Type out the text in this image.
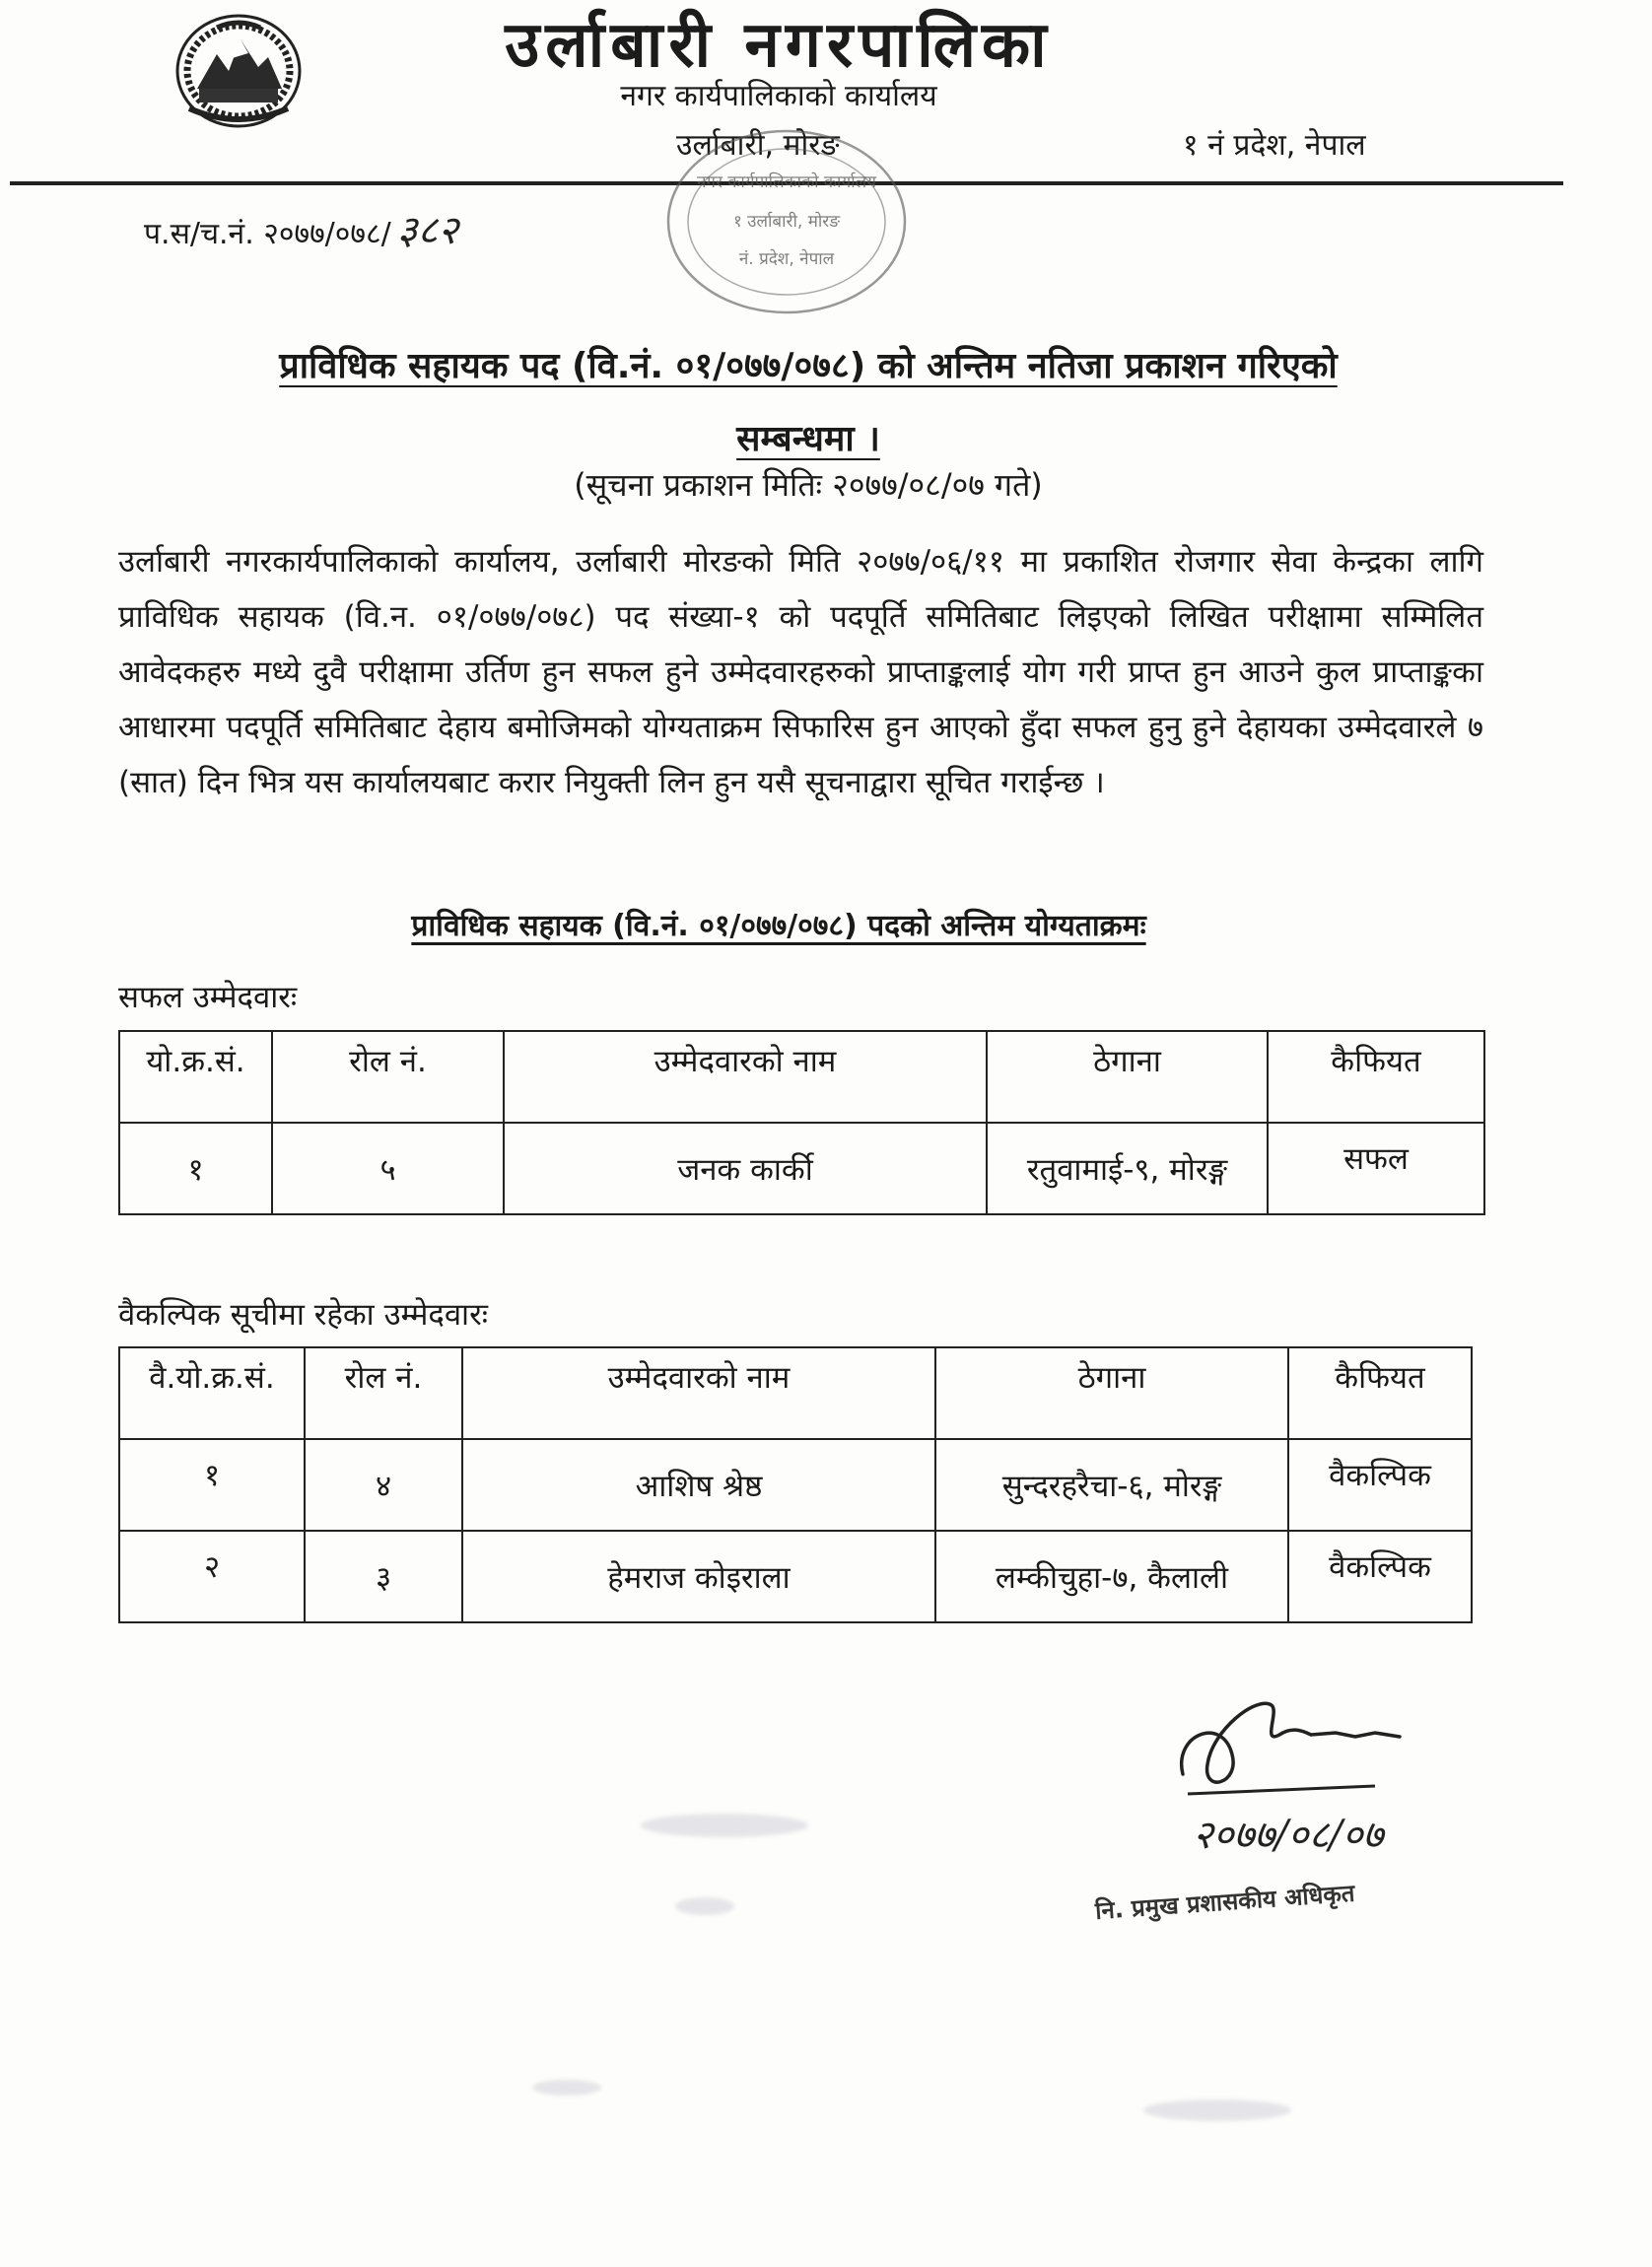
उर्लाबारी नगरपालिका
नगर कार्यपालिकाको कार्यालय
उर्लाबारी, मोरङ	१ नं प्रदेश, नेपाल
नगर कार्यपालिकाको कार्यालय
१ उर्लाबारी, मोरङ
नं. प्रदेश, नेपाल
प.स/च.नं. २०७७/०७८/ ३८२
प्राविधिक सहायक पद (वि.नं. ०१/०७७/०७८) को अन्तिम नतिजा प्रकाशन गरिएको
सम्बन्धमा ।
(सूचना प्रकाशन मितिः २०७७/०८/०७ गते)
उर्लाबारी नगरकार्यपालिकाको कार्यालय, उर्लाबारी मोरङको मिति २०७७/०६/११ मा प्रकाशित रोजगार सेवा केन्द्रका लागि प्राविधिक सहायक (वि.न. ०१/०७७/०७८) पद संख्या-१ को पदपूर्ति समितिबाट लिइएको लिखित परीक्षामा सम्मिलित आवेदकहरु मध्ये दुवै परीक्षामा उर्तिण हुन सफल हुने उम्मेदवारहरुको प्राप्ताङ्कलाई योग गरी प्राप्त हुन आउने कुल प्राप्ताङ्कका आधारमा पदपूर्ति समितिबाट देहाय बमोजिमको योग्यताक्रम सिफारिस हुन आएको हुँदा सफल हुनु हुने देहायका उम्मेदवारले ७ (सात) दिन भित्र यस कार्यालयबाट करार नियुक्ती लिन हुन यसै सूचनाद्वारा सूचित गराईन्छ ।
प्राविधिक सहायक (वि.नं. ०१/०७७/०७८) पदको अन्तिम योग्यताक्रमः
सफल उम्मेदवारः
यो.क्र.सं.	रोल नं.	उम्मेदवारको नाम	ठेगाना	कैफियत
१	५	जनक कार्की	रतुवामाई-९, मोरङ्ग	सफल
वैकल्पिक सूचीमा रहेका उम्मेदवारः
वै.यो.क्र.सं.	रोल नं.	उम्मेदवारको नाम	ठेगाना	कैफियत
१	४	आशिष श्रेष्ठ	सुन्दरहरैचा-६, मोरङ्ग	वैकल्पिक
२	३	हेमराज कोइराला	लम्कीचुहा-७, कैलाली	वैकल्पिक
२०७७/०८/०७
नि. प्रमुख प्रशासकीय अधिकृत
